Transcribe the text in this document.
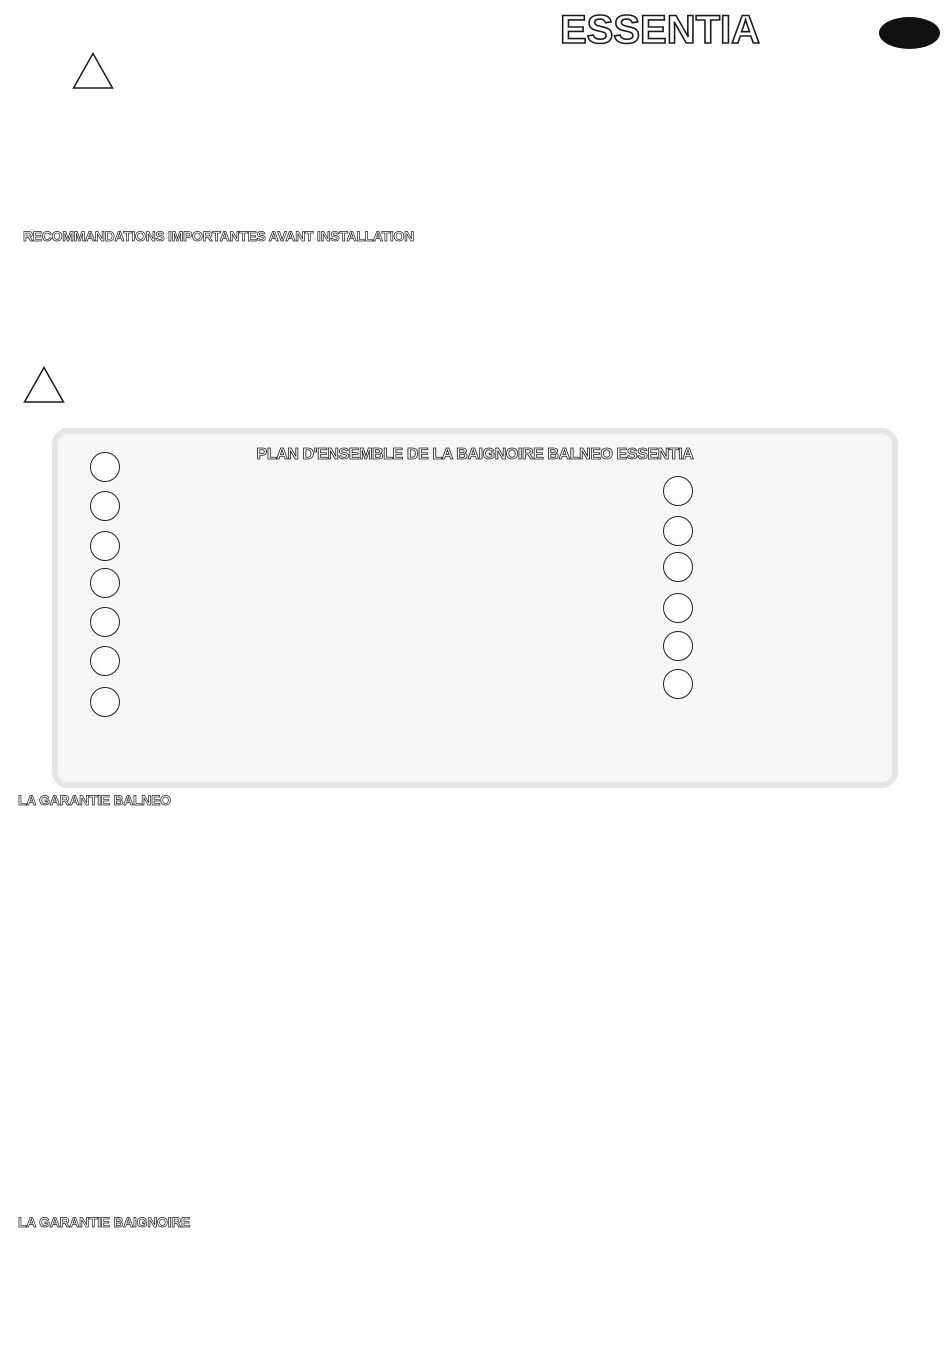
ESSENTIA
RECOMMANDATIONS IMPORTANTES AVANT INSTALLATION
PLAN D'ENSEMBLE DE LA BAIGNOIRE BALNEO ESSENTIA
LA GARANTIE BALNEO
LA GARANTIE BAIGNOIRE
